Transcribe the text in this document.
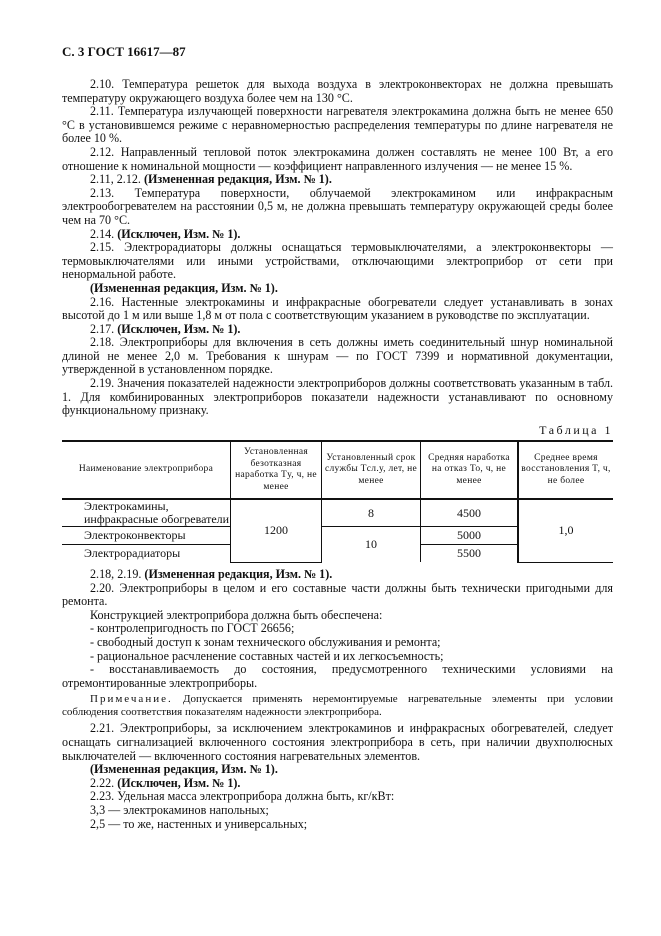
С. 3 ГОСТ 16617—87

2.10. Температура решеток для выхода воздуха в электроконвекторах не должна превышать температуру окружающего воздуха более чем на 130 °С.

2.11. Температура излучающей поверхности нагревателя электрокамина должна быть не менее 650 °С в установившемся режиме с неравномерностью распределения температуры по длине нагревателя не более 10 %.

2.12. Направленный тепловой поток электрокамина должен составлять не менее 100 Вт, а его отношение к номинальной мощности — коэффициент направленного излучения — не менее 15 %.

2.11, 2.12. (Измененная редакция, Изм. № 1).

2.13. Температура поверхности, облучаемой электрокамином или инфракрасным электрообогревателем на расстоянии 0,5 м, не должна превышать температуру окружающей среды более чем на 70 °С.

2.14. (Исключен, Изм. № 1).

2.15. Электрорадиаторы должны оснащаться термовыключателями, а электроконвекторы — термовыключателями или иными устройствами, отключающими электроприбор от сети при ненормальной работе.

(Измененная редакция, Изм. № 1).

2.16. Настенные электрокамины и инфракрасные обогреватели следует устанавливать в зонах высотой до 1 м или выше 1,8 м от пола с соответствующим указанием в руководстве по эксплуатации.

2.17. (Исключен, Изм. № 1).

2.18. Электроприборы для включения в сеть должны иметь соединительный шнур номинальной длиной не менее 2,0 м. Требования к шнурам — по ГОСТ 7399 и нормативной документации, утвержденной в установленном порядке.

2.19. Значения показателей надежности электроприборов должны соответствовать указанным в табл. 1. Для комбинированных электроприборов показатели надежности устанавливают по основному функциональному признаку.

Таблица 1
Наименование электроприбора	Установленная безотказная наработка Tу, ч, не менее	Установленный срок службы Tсл.у, лет, не менее	Средняя наработка на отказ To, ч, не менее	Среднее время восстановления T, ч, не более
Электрокамины, инфракрасные обогреватели	1200	8	4500	1,0
Электроконвекторы		10	5000	
Электрорадиаторы			5500	

2.18, 2.19. (Измененная редакция, Изм. № 1).

2.20. Электроприборы в целом и его составные части должны быть технически пригодными для ремонта.

Конструкцией электроприбора должна быть обеспечена:

- контролепригодность по ГОСТ 26656;

- свободный доступ к зонам технического обслуживания и ремонта;

- рациональное расчленение составных частей и их легкосъемность;

- восстанавливаемость до состояния, предусмотренного техническими условиями на отремонтированные электроприборы.

Примечание. Допускается применять неремонтируемые нагревательные элементы при условии соблюдения соответствия показателям надежности электроприбора.

2.21. Электроприборы, за исключением электрокаминов и инфракрасных обогревателей, следует оснащать сигнализацией включенного состояния электроприбора в сеть, при наличии двухполюсных выключателей — включенного состояния нагревательных элементов.

(Измененная редакция, Изм. № 1).

2.22. (Исключен, Изм. № 1).

2.23. Удельная масса электроприбора должна быть, кг/кВт:

3,3 — электрокаминов напольных;

2,5 — то же, настенных и универсальных;
